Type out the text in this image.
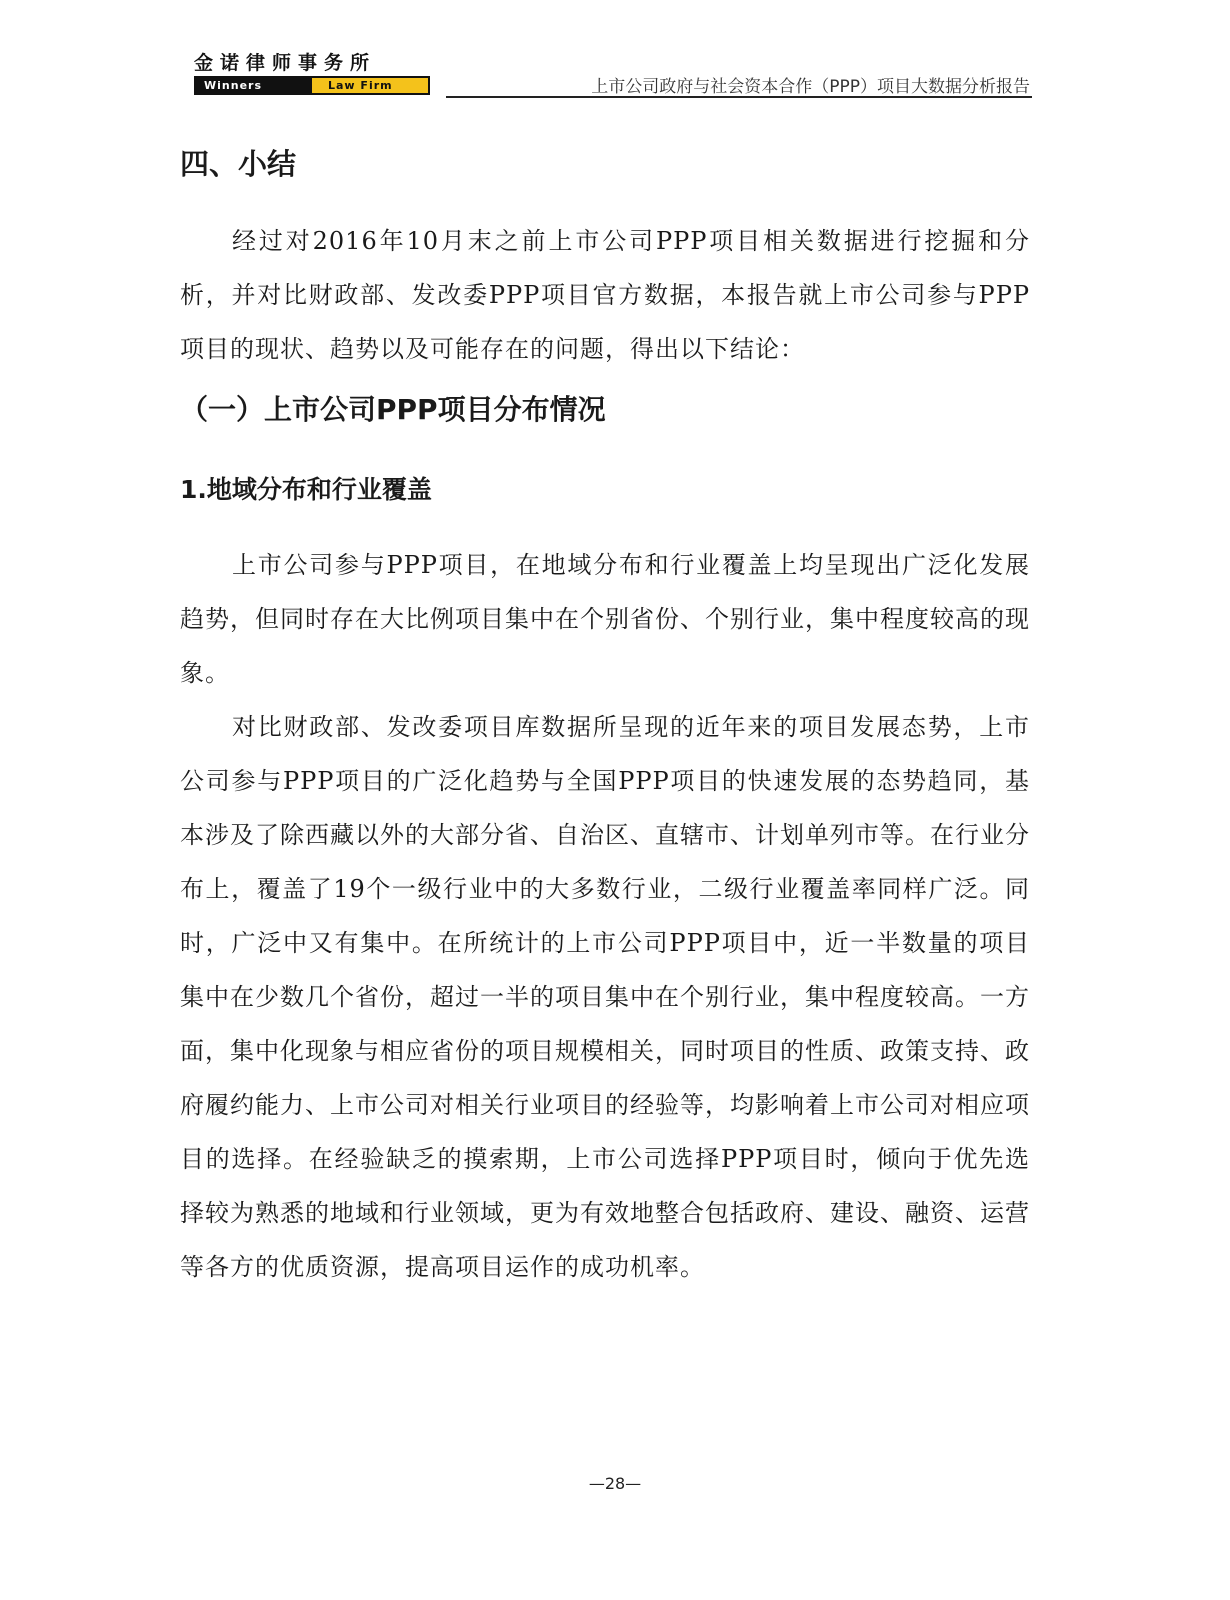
金诺律师事务所
Winners	Law Firm	上市公司政府与社会资本合作（PPP）项目大数据分析报告
四、小结

经过对2016年10月末之前上市公司PPP项目相关数据进行挖掘和分析，并对比财政部、发改委PPP项目官方数据，本报告就上市公司参与PPP项目的现状、趋势以及可能存在的问题，得出以下结论：

（一）上市公司PPP项目分布情况
1.地域分布和行业覆盖

上市公司参与PPP项目，在地域分布和行业覆盖上均呈现出广泛化发展趋势，但同时存在大比例项目集中在个别省份、个别行业，集中程度较高的现象。

对比财政部、发改委项目库数据所呈现的近年来的项目发展态势，上市公司参与PPP项目的广泛化趋势与全国PPP项目的快速发展的态势趋同，基本涉及了除西藏以外的大部分省、自治区、直辖市、计划单列市等。在行业分布上，覆盖了19个一级行业中的大多数行业，二级行业覆盖率同样广泛。同时，广泛中又有集中。在所统计的上市公司PPP项目中，近一半数量的项目集中在少数几个省份，超过一半的项目集中在个别行业，集中程度较高。一方面，集中化现象与相应省份的项目规模相关，同时项目的性质、政策支持、政府履约能力、上市公司对相关行业项目的经验等，均影响着上市公司对相应项目的选择。在经验缺乏的摸索期，上市公司选择PPP项目时，倾向于优先选择较为熟悉的地域和行业领域，更为有效地整合包括政府、建设、融资、运营等各方的优质资源，提高项目运作的成功机率。

—28—
